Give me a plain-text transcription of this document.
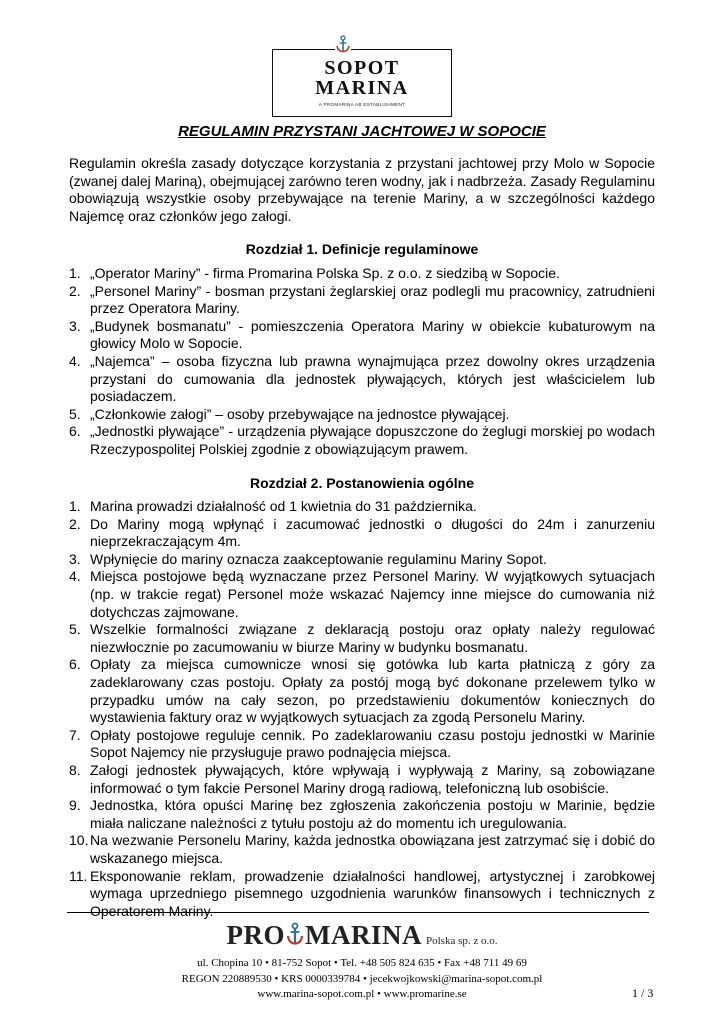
SOPOT
MARINA
A PROMARINA AB ESTABLISHMENT
REGULAMIN PRZYSTANI JACHTOWEJ W SOPOCIE

Regulamin określa zasady dotyczące korzystania z przystani jachtowej przy Molo w Sopocie (zwanej dalej Mariną), obejmującej zarówno teren wodny, jak i nadbrzeża. Zasady Regulaminu obowiązują wszystkie osoby przebywające na terenie Mariny, a w szczególności każdego Najemcę oraz członków jego załogi.

Rozdział 1. Definicje regulaminowe
1. „Operator Mariny” - firma Promarina Polska Sp. z o.o. z siedzibą w Sopocie.
2. „Personel Mariny” - bosman przystani żeglarskiej oraz podlegli mu pracownicy, zatrudnieni przez Operatora Mariny.
3. „Budynek bosmanatu” - pomieszczenia Operatora Mariny w obiekcie kubaturowym na głowicy Molo w Sopocie.
4. „Najemca” – osoba fizyczna lub prawna wynajmująca przez dowolny okres urządzenia przystani do cumowania dla jednostek pływających, których jest właścicielem lub posiadaczem.
5. „Członkowie załogi” – osoby przebywające na jednostce pływającej.
6. „Jednostki pływające” - urządzenia pływające dopuszczone do żeglugi morskiej po wodach Rzeczypospolitej Polskiej zgodnie z obowiązującym prawem.
Rozdział 2. Postanowienia ogólne
1. Marina prowadzi działalność od 1 kwietnia do 31 października.
2. Do Mariny mogą wpłynąć i zacumować jednostki o długości do 24m i zanurzeniu nieprzekraczającym 4m.
3. Wpłynięcie do mariny oznacza zaakceptowanie regulaminu Mariny Sopot.
4. Miejsca postojowe będą wyznaczane przez Personel Mariny. W wyjątkowych sytuacjach (np. w trakcie regat) Personel może wskazać Najemcy inne miejsce do cumowania niż dotychczas zajmowane.
5. Wszelkie formalności związane z deklaracją postoju oraz opłaty należy regulować niezwłocznie po zacumowaniu w biurze Mariny w budynku bosmanatu.
6. Opłaty za miejsca cumownicze wnosi się gotówka lub karta płatniczą z góry za zadeklarowany czas postoju. Opłaty za postój mogą być dokonane przelewem tylko w przypadku umów na cały sezon, po przedstawieniu dokumentów koniecznych do wystawienia faktury oraz w wyjątkowych sytuacjach za zgodą Personelu Mariny.
7. Opłaty postojowe reguluje cennik. Po zadeklarowaniu czasu postoju jednostki w Marinie Sopot Najemcy nie przysługuje prawo podnajęcia miejsca.
8. Załogi jednostek pływających, które wpływają i wypływają z Mariny, są zobowiązane informować o tym fakcie Personel Mariny drogą radiową, telefoniczną lub osobiście.
9. Jednostka, która opuści Marinę bez zgłoszenia zakończenia postoju w Marinie, będzie miała naliczane należności z tytułu postoju aż do momentu ich uregulowania.
10. Na wezwanie Personelu Mariny, każda jednostka obowiązana jest zatrzymać się i dobić do wskazanego miejsca.
11. Eksponowanie reklam, prowadzenie działalności handlowej, artystycznej i zarobkowej wymaga uprzedniego pisemnego uzgodnienia warunków finansowych i technicznych z Operatorem Mariny.
PRO MARINA Polska sp. z o.o.
ul. Chopina 10 • 81-752 Sopot • Tel. +48 505 824 635 • Fax +48 711 49 69
REGON 220889530 • KRS 0000339784 • jecekwojkowski@marina-sopot.com.pl
www.marina-sopot.com.pl • www.promarine.se	1 / 3
